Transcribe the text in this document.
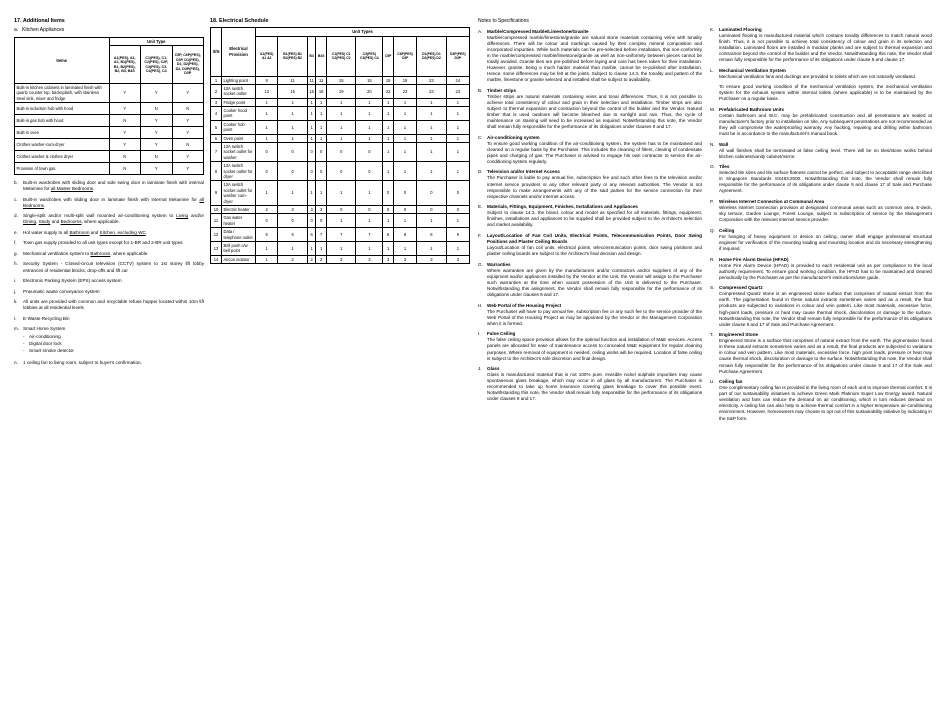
17. Additional Items
a. Kitchen Appliances
Items	Unit Type		
	A1(PES), A1, A2, B1(PES), B1, B2(PES), B2, B3, B4S	C1(PES), C1, C2(PES), C2P, C3(PES), C3, C4(PES), C4	C5P, C6P(PES), C6P, D1(PES), D1, D2(PES), D2, D3P(PES), D3P
Built-in kitchen cabinets in laminated finish with quartz counter top, backsplash, with stainless steel sink, mixer and fridge	Y	Y	Y
Built-in induction hob with hood	Y	N	N
Built-in gas hob with hood	N	Y	Y
Built-in oven	Y	Y	Y
Clothes washer-cum-dryer	Y	Y	N
Clothes washer & clothes dryer	N	N	Y
Provision of town gas	N	Y	Y
b.	Built-in wardrobes with sliding door and side swing door in laminate finish with internal Melamine for all Master Bedrooms.
c.	Built-in wardrobes with sliding door in laminate finish with internal Melamine for all Bedrooms.
d.	Single-split and/or multi-split wall mounted air-conditioning system to Living and/or Dining, Study and Bedrooms, where applicable.
e.	Hot water supply to all Bathroom and Kitchen, excluding WC.
f.	Town gas supply provided to all unit types except for 1-BR and 2-BR unit types
g.	Mechanical ventilation system to Bathroom, where applicable
h.	Security System - Closed-circuit television (CCTV) system to 1st storey lift lobby entrances of residential blocks, drop-offs and lift car
i.	Electronic Parking System (EPS) access system
j.	Pneumatic waste conveyance system
k.	All units are provided with common and recyclable refuse hopper located within 10m lift lobbies at all residential levels
l.	E-Waste Recycling Bin
m. Smart Home System
- Air-conditioning
- Digital door lock
- Smart smoke detector
n.	1 ceiling fan to living room, subject to buyer's confirmation.
18. Electrical Schedule
S/N	Electrical Provision	Unit Types									
		A1(PES) A1 A2	B1(PES) B1 B2(PES) B2	B3	B4S	C1(PES) C1 C2(PES) C2	C3(PES) C3(PES) C4	C5P	C6P(PES) C6P	D1(PES) D1 D2(PES) D2	D3P(PES) D3P
1	Lighting point	8	11	11	11	15	15	19	19	23	24
2	13A switch socket outlet	13	15	15	16	19	20	22	23	23	23
3	Fridge point	1	1	1	1	1	1	1	1	1	1
4	Cooker hood point	1	1	1	1	1	1	1	1	1	1
5	Cooker hob point	1	1	1	1	1	1	1	1	1	1
6	Oven point	1	1	1	1	1	1	1	1	1	1
7	13A switch socket outlet for washer	0	0	0	0	0	0	1	1	1	1
8	13A switch socket outlet for dryer	0	0	0	0	0	0	1	1	1	1
9	13A switch socket outlet for washer cum-dryer	1	1	1	1	1	1	0	0	0	0
10	Electric heater	2	3	3	3	0	0	0	0	0	0
11	Gas water heater	0	0	0	0	1	1	1	1	1	1
12	Data / telephone outlet	5	6	6	7	7	7	8	8	8	9
13	Bell push c/w bell point	1	1	1	1	1	1	1	1	1	1
14	Aircon isolator	1	2	2	2	3	3	3	3	3	3
Notes to Specifications
A.	Marble/Compressed Marble/Limestone/Granite

Marble/compressed marble/limestone/granite are natural stone materials containing veins with tonality differences. There will be colour and markings caused by their complex mineral composition and incorporated impurities. While such materials can be pre-selected before installation, this non-conformity in the marble/compressed marble/limestone/granite as well as non-uniformity between pieces cannot be totally avoided. Granite tiles are pre-polished before laying and care has been taken for their installation. However, granite, being a much harder material than marble, cannot be re-polished after installation. Hence, some differences may be felt at the joints. Subject to clause 14.3, the tonality and pattern of the marble, limestone or granite selected and installed shall be subject to availability.

B.	Timber strips

Timber strips are natural materials containing veins and tonal differences. Thus, it is not possible to achieve total consistency of colour and grain in their selection and installation. Timber strips are also subject to thermal expansion and contraction beyond the control of the builder and the Vendor. Natural timber that is used outdoors will become bleached due to sunlight and rain. Thus, the cycle of maintenance on staining will need to be increased as required. Notwithstanding this note, the Vendor shall remain fully responsible for the performance of its obligations under clauses 9 and 17.

C. Air-conditioning system

To ensure good working condition of the air-conditioning system, the system has to be maintained and cleaned on a regular basis by the Purchaser. This includes the cleaning of filters, clearing of condensate pipes and charging of gas. The Purchaser is advised to engage his own contractor to service the air-conditioning system regularly.

D. Television and/or Internet Access

The Purchaser is liable to pay annual fee, subscription fee and such other fees to the television and/or internet service providers or any other relevant party or any relevant authorities. The Vendor is not responsible to make arrangements with any of the said parties for the service connection for their respective channels and/or internet access.

E.	Materials, Fittings, Equipment, Finishes, Installations and Appliances

Subject to clause 14.3, the brand, colour and model as specified for all materials, fittings, equipment, finishes, installations and appliances to be supplied shall be provided subject to the Architect's selection and market availability.

F.	Layout/Location of Fan Coil Units, Electrical Points, Telecommunication Points, Door Swing Positions and Plaster Ceiling Boards

Layout/Location of fan coil units, electrical points, telecommunication points, door swing positions and plaster ceiling boards are subject to the Architect's final decision and design.

G. Warranties

Where warranties are given by the manufacturers and/or contractors and/or suppliers of any of the equipment and/or appliances installed by the Vendor at the Unit, the Vendor will assign to the Purchaser such warranties at the time when vacant possession of the Unit is delivered to the Purchaser. Notwithstanding this assignment, the Vendor shall remain fully responsible for the performance of its obligations under clauses 9 and 17.

H. Web Portal of the Housing Project

The Purchaser will have to pay annual fee, subscription fee or any such fee to the service provider of the Web Portal of the Housing Project as may be appointed by the Vendor or the Management Corporation when it is formed.

I.	False Ceiling

The false ceiling space provision allows for the optimal function and installation of M&E services. Access panels are allocated for ease of maintenance access to concealed M&E equipment for regular cleaning purposes. Where removal of equipment is needed, ceiling works will be required. Location of false ceiling is subject to the Architect's sole discretion and final design.

J.	Glass

Glass is manufactured material that is not 100% pure. Invisible nickel sulphide impurities may cause spontaneous glass breakage, which may occur in all glass by all manufacturers. The Purchaser is recommended to take up home insurance covering glass breakage to cover this possible event. Notwithstanding this note, the Vendor shall remain fully responsible for the performance of its obligations under clauses 9 and 17.

K.	Laminated Flooring

Laminated flooring is manufactured material which contains tonality differences to match natural wood finish. Thus, it is not possible to achieve total consistency of colour and grain in its selection and installation. Laminated floors are installed in modular planks and are subject to thermal expansion and contraction beyond the control of the builder and the Vendor. Notwithstanding this note, the Vendor shall remain fully responsible for the performance of its obligations under clause 9 and clause 17.

L.	Mechanical Ventilation System

Mechanical ventilation fans and ductings are provided to toilets which are not naturally ventilated.

To ensure good working condition of the mechanical ventilation system, the mechanical ventilation system for the exhaust system within internal toilets (where applicable) is to be maintained by the Purchaser on a regular basis.

M. Prefabricated Bathroom Units

Certain bathroom and W.C. may be prefabricated construction and all penetrations are sealed at manufacturer's factory prior to installation on site. Any subsequent penetrations are not recommended as they will compromise the waterproofing warranty. Any hacking, repairing and drilling within bathroom must be in accordance to the manufacturer's manual book.

N. Wall

All wall finishes shall be terminated at false ceiling level. There will be no tiles/stone works behind kitchen cabinets/vanity cabinet/mirror.

O. Tiles

Selected tile sizes and tile surface flatness cannot be perfect, and subject to acceptable range described in Singapore Standards SS483:2000. Notwithstanding this note, the Vendor shall remain fully responsible for the performance of its obligations under clause 9 and clause 17 of Sale and Purchase Agreement.

P.	Wireless Internet Connection at Communal Area

Wireless internet connection provision at designated communal areas such as common area, E-deck, sky terrace, Garden Lounge, Forest Lounge, subject to subscription of service by the Management Corporation with the relevant internet service provider.

Q. Ceiling

For hanging of heavy equipment or device on ceiling, owner shall engage professional structural engineer for verification of the mounting loading and mounting location and do necessary strengthening if required.

R. Home Fire Alarm Device (HFAD)

Home Fire Alarm Device (HFAD) is provided to each residential unit as per compliance to the local authority requirement. To ensure good working condition, the HFAD has to be maintained and cleaned periodically by the Purchaser as per the manufacturer's instructions/user guide.

S.	Compressed Quartz

Compressed Quartz stone is an engineered stone surface that comprises of natural extract from the earth. The pigmentation found in these natural extracts sometimes varies and as a result, the final products are subjected to variations in colour and vein pattern. Like most materials, excessive force, high-point loads, pressure or heat may cause thermal shock, discoloration or damage to the surface. Notwithstanding this note, the Vendor shall remain fully responsible for the performance of its obligations under clause 9 and 17 of Sale and Purchase Agreement.

T.	Engineered Stone

Engineered Stone is a surface that comprises of natural extract from the earth. The pigmentation found in these natural extracts sometimes varies and as a result, the final products are subjected to variations in colour and vein pattern. Like most materials, excessive force, high point loads, pressure or heat may cause thermal shock, discoloration or damage to the surface. Notwithstanding this note, the Vendor shall remain fully responsible for the performance of its obligations under clause 9 and 17 of the Sale and Purchase Agreement

U. Ceiling fan

One complimentary ceiling fan is provided in the living room of each unit to improve thermal comfort. It is part of our sustainability initiatives to achieve Green Mark Platinum Super Low Energy award. Natural ventilation and fans can reduce the demand on air conditioning, which in turn reduces demand on electricity. A ceiling fan can also help to achieve thermal comfort in a higher temperature air-conditioning environment. However, homeowners may choose to opt out of this sustainability initiative by indicating in the S&P form.
